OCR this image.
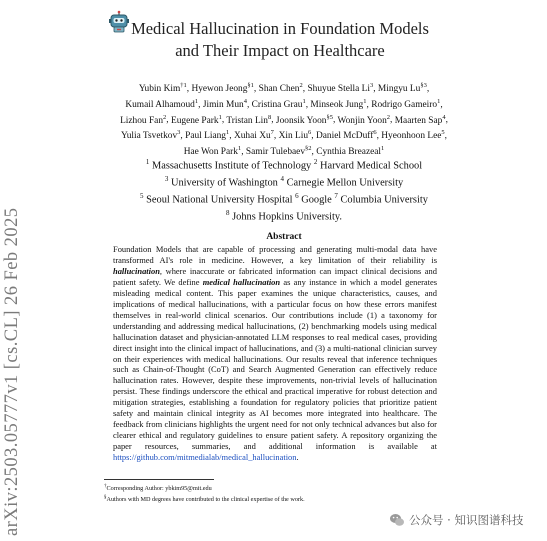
arXiv:2503.05777v1 [cs.CL] 26 Feb 2025
Medical Hallucination in Foundation Models
and Their Impact on Healthcare
Yubin Kim$^{\dagger 1}$, Hyewon Jeong$^{\S 1}$, Shan Chen$^2$, Shuyue Stella Li$^3$, Mingyu Lu$^{\S 3}$, Kumail Alhamoud$^1$, Jimin Mun$^4$, Cristina Grau$^1$, Minseok Jung$^1$, Rodrigo Gameiro$^1$, Lizhou Fan$^2$, Eugene Park$^1$, Tristan Lin$^8$, Joonsik Yoon$^{\S 5}$, Wonjin Yoon$^2$, Maarten Sap$^4$, Yulia Tsvetkov$^3$, Paul Liang$^1$, Xuhai Xu$^7$, Xin Liu$^6$, Daniel McDuff$^6$, Hyeonhoon Lee$^5$, Hae Won Park$^1$, Samir Tulebaev$^{\S 2}$, Cynthia Breazeal$^1$
$^1$ Massachusetts Institute of Technology $^2$ Harvard Medical School
$^3$ University of Washington $^4$ Carnegie Mellon University
$^5$ Seoul National University Hospital $^6$ Google $^7$ Columbia University
$^8$ Johns Hopkins University.
Abstract
Foundation Models that are capable of processing and generating multi-modal data have transformed AI's role in medicine. However, a key limitation of their reliability is hallucination, where inaccurate or fabricated information can impact clinical decisions and patient safety. We define medical hallucination as any instance in which a model generates misleading medical content. This paper examines the unique characteristics, causes, and implications of medical hallucinations, with a particular focus on how these errors manifest themselves in real-world clinical scenarios. Our contributions include (1) a taxonomy for understanding and addressing medical hallucinations, (2) benchmarking models using medical hallucination dataset and physician-annotated LLM responses to real medical cases, providing direct insight into the clinical impact of hallucinations, and (3) a multi-national clinician survey on their experiences with medical hallucinations. Our results reveal that inference techniques such as Chain-of-Thought (CoT) and Search Augmented Generation can effectively reduce hallucination rates. However, despite these improvements, non-trivial levels of hallucination persist. These findings underscore the ethical and practical imperative for robust detection and mitigation strategies, establishing a foundation for regulatory policies that prioritize patient safety and maintain clinical integrity as AI becomes more integrated into healthcare. The feedback from clinicians highlights the urgent need for not only technical advances but also for clearer ethical and regulatory guidelines to ensure patient safety. A repository organizing the paper resources, summaries, and additional information is available at https://github.com/mitmedialab/medical_hallucination.
†Corresponding Author: ybkim95@mit.edu
§Authors with MD degrees have contributed to the clinical expertise of the work.
公众号 · 知识图谱科技
